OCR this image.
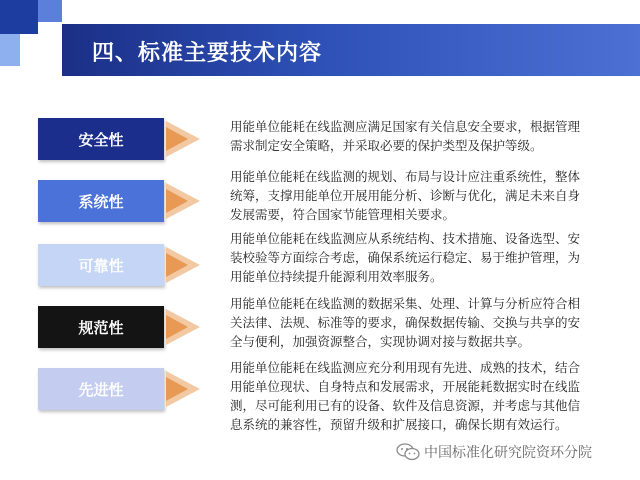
四、标准主要技术内容
安全性
用能单位能耗在线监测应满足国家有关信息安全要求，根据管理需求制定安全策略，并采取必要的保护类型及保护等级。
系统性
用能单位能耗在线监测的规划、布局与设计应注重系统性，整体统筹，支撑用能单位开展用能分析、诊断与优化，满足未来自身发展需要，符合国家节能管理相关要求。
可靠性
用能单位能耗在线监测应从系统结构、技术措施、设备选型、安装校验等方面综合考虑，确保系统运行稳定、易于维护管理，为用能单位持续提升能源利用效率服务。
规范性
用能单位能耗在线监测的数据采集、处理、计算与分析应符合相关法律、法规、标准等的要求，确保数据传输、交换与共享的安全与便利，加强资源整合，实现协调对接与数据共享。
先进性
用能单位能耗在线监测应充分利用现有先进、成熟的技术，结合用能单位现状、自身特点和发展需求，开展能耗数据实时在线监测，尽可能利用已有的设备、软件及信息资源，并考虑与其他信息系统的兼容性，预留升级和扩展接口，确保长期有效运行。
中国标准化研究院资环分院
